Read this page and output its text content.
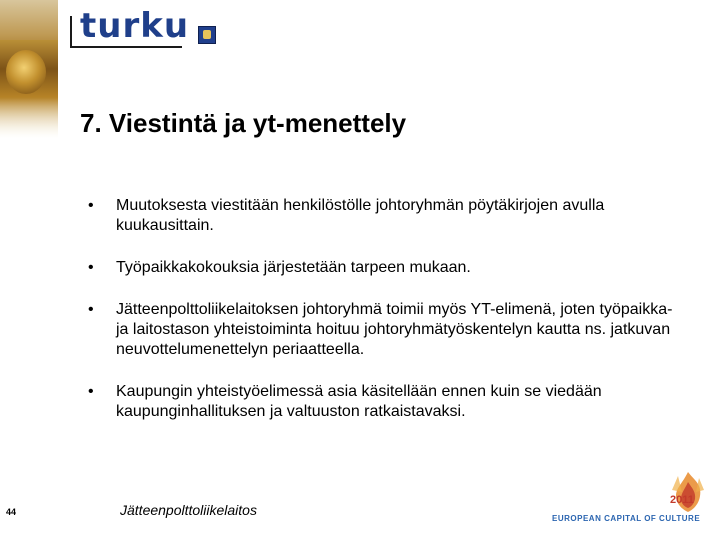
turku
7. Viestintä ja yt-menettely
• Muutoksesta viestitään henkilöstölle johtoryhmän pöytäkirjojen avulla kuukausittain.
• Työpaikkakokouksia järjestetään tarpeen mukaan.
• Jätteenpolttoliikelaitoksen johtoryhmä toimii myös YT-elimenä, joten työpaikka- ja laitostason yhteistoiminta hoituu johtoryhmätyöskentelyn kautta ns. jatkuvan neuvottelumenettelyn periaatteella.
• Kaupungin yhteistyöelimessä asia käsitellään ennen kuin se viedään kaupunginhallituksen ja valtuuston ratkaistavaksi.
44	Jätteenpolttoliikelaitos
2011
EUROPEAN CAPITAL OF CULTURE
